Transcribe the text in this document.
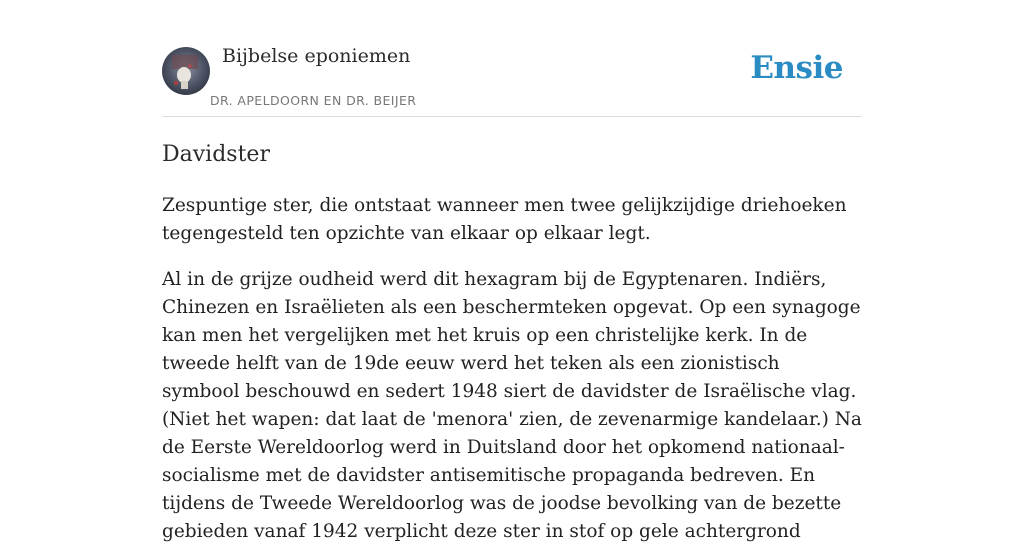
Bijbelse eponiemen
DR. APELDOORN EN DR. BEIJER
Ensie
Davidster

Zespuntige ster, die ontstaat wanneer men twee gelijkzijdige driehoeken tegengesteld ten opzichte van elkaar op elkaar legt.

Al in de grijze oudheid werd dit hexagram bij de Egyptenaren. Indiërs, Chinezen en Israëlieten als een beschermteken opgevat. Op een synagoge kan men het vergelijken met het kruis op een christelijke kerk. In de tweede helft van de 19de eeuw werd het teken als een zionistisch symbool beschouwd en sedert 1948 siert de davidster de Israëlische vlag. (Niet het wapen: dat laat de 'menora' zien, de zevenarmige kandelaar.) Na de Eerste Wereldoorlog werd in Duitsland door het opkomend nationaal-socialisme met de davidster antisemitische propaganda bedreven. En tijdens de Tweede Wereldoorlog was de joodse bevolking van de bezette gebieden vanaf 1942 verplicht deze ster in stof op gele achtergrond
